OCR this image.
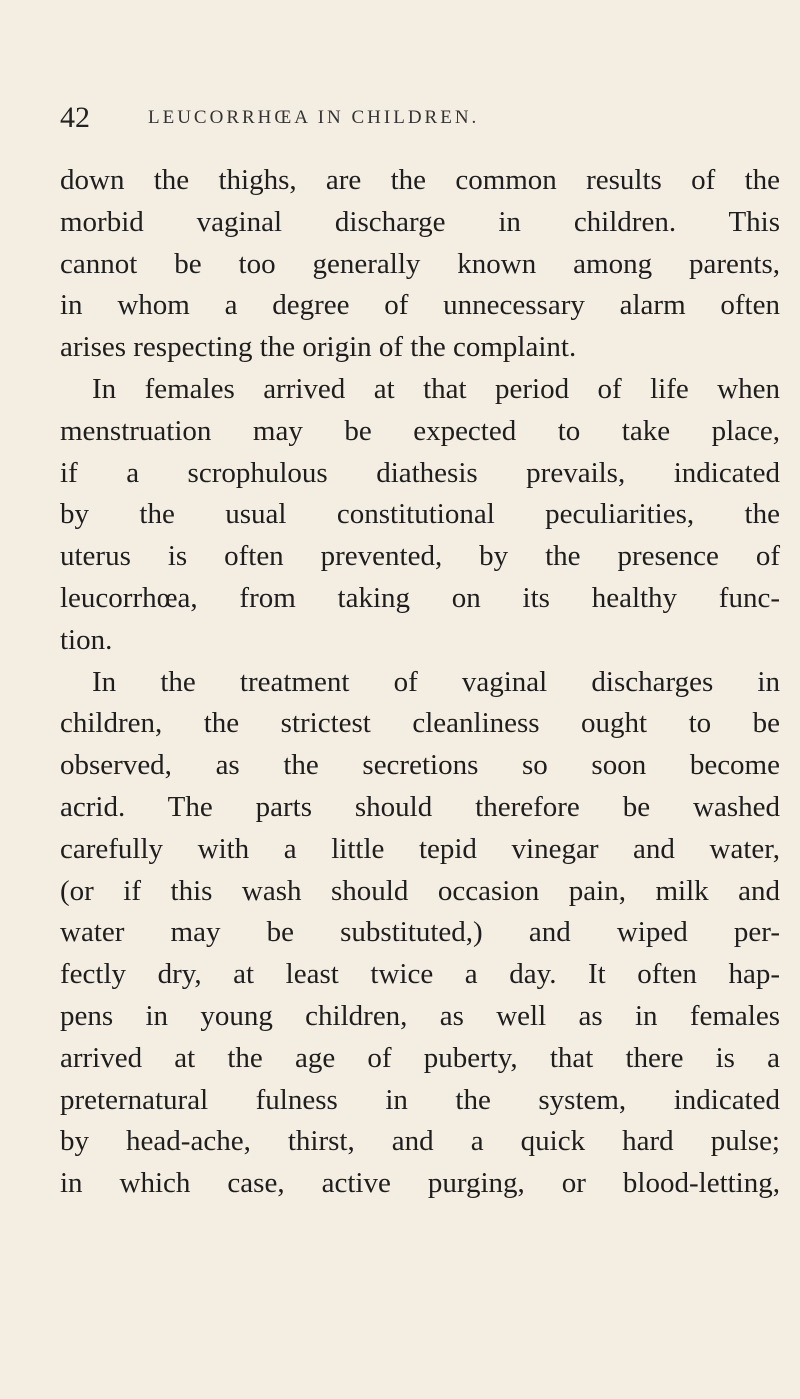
42	LEUCORRHŒA IN CHILDREN.
down the thighs, are the common results of the
morbid vaginal discharge in children. This
cannot be too generally known among parents,
in whom a degree of unnecessary alarm often
arises respecting the origin of the complaint.
In females arrived at that period of life when
menstruation may be expected to take place,
if a scrophulous diathesis prevails, indicated
by the usual constitutional peculiarities, the
uterus is often prevented, by the presence of
leucorrhœa, from taking on its healthy func-
tion.
In the treatment of vaginal discharges in
children, the strictest cleanliness ought to be
observed, as the secretions so soon become
acrid. The parts should therefore be washed
carefully with a little tepid vinegar and water,
(or if this wash should occasion pain, milk and
water may be substituted,) and wiped per-
fectly dry, at least twice a day. It often hap-
pens in young children, as well as in females
arrived at the age of puberty, that there is a
preternatural fulness in the system, indicated
by head-ache, thirst, and a quick hard pulse;
in which case, active purging, or blood-letting,
